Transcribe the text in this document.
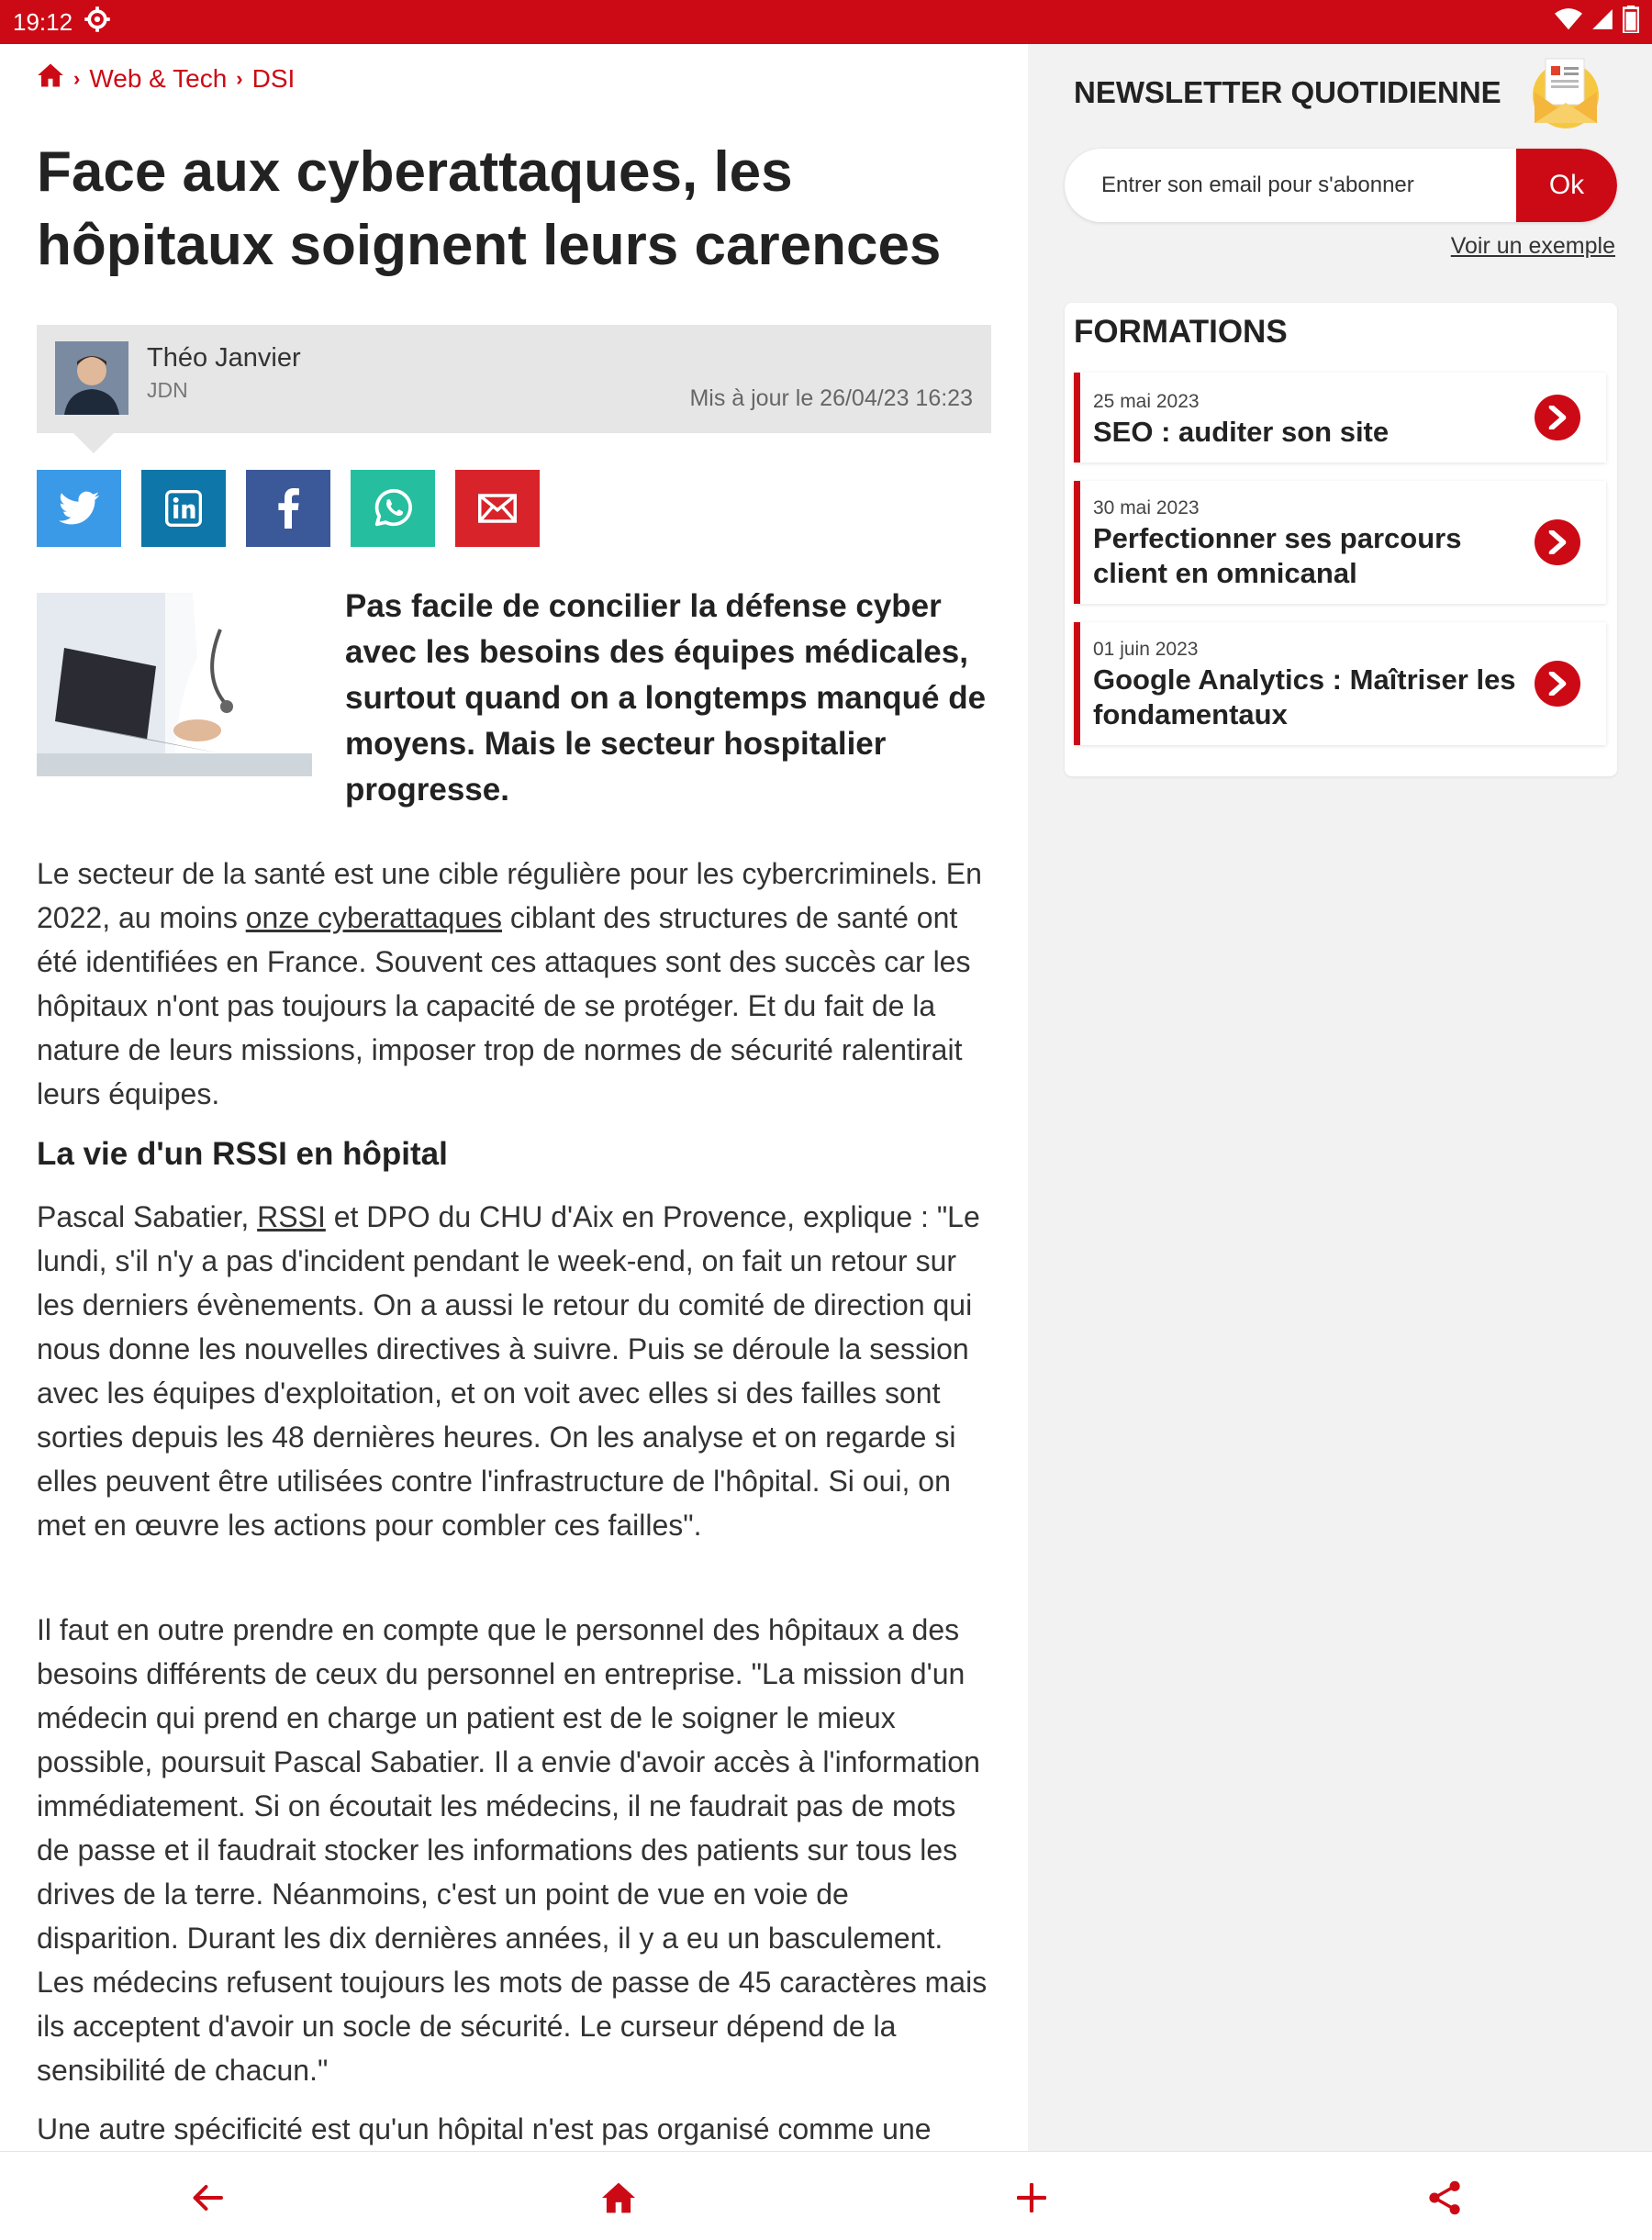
19:12
› Web & Tech › DSI
Face aux cyberattaques, les hôpitaux soignent leurs carences
Théo Janvier
JDN	Mis à jour le 26/04/23 16:23

Pas facile de concilier la défense cyber avec les besoins des équipes médicales, surtout quand on a longtemps manqué de moyens. Mais le secteur hospitalier progresse.

Le secteur de la santé est une cible régulière pour les cybercriminels. En 2022, au moins onze cyberattaques ciblant des structures de santé ont été identifiées en France. Souvent ces attaques sont des succès car les hôpitaux n'ont pas toujours la capacité de se protéger. Et du fait de la nature de leurs missions, imposer trop de normes de sécurité ralentirait leurs équipes.

La vie d'un RSSI en hôpital

Pascal Sabatier, RSSI et DPO du CHU d'Aix en Provence, explique : "Le lundi, s'il n'y a pas d'incident pendant le week-end, on fait un retour sur les derniers évènements. On a aussi le retour du comité de direction qui nous donne les nouvelles directives à suivre. Puis se déroule la session avec les équipes d'exploitation, et on voit avec elles si des failles sont sorties depuis les 48 dernières heures. On les analyse et on regarde si elles peuvent être utilisées contre l'infrastructure de l'hôpital. Si oui, on met en œuvre les actions pour combler ces failles".

Il faut en outre prendre en compte que le personnel des hôpitaux a des besoins différents de ceux du personnel en entreprise. "La mission d'un médecin qui prend en charge un patient est de le soigner le mieux possible, poursuit Pascal Sabatier. Il a envie d'avoir accès à l'information immédiatement. Si on écoutait les médecins, il ne faudrait pas de mots de passe et il faudrait stocker les informations des patients sur tous les drives de la terre. Néanmoins, c'est un point de vue en voie de disparition. Durant les dix dernières années, il y a eu un basculement. Les médecins refusent toujours les mots de passe de 45 caractères mais ils acceptent d'avoir un socle de sécurité. Le curseur dépend de la sensibilité de chacun."

Une autre spécificité est qu'un hôpital n'est pas organisé comme une

NEWSLETTER QUOTIDIENNE
Entrer son email pour s'abonner
Ok
Voir un exemple
FORMATIONS
25 mai 2023
SEO : auditer son site
30 mai 2023
Perfectionner ses parcours client en omnicanal
01 juin 2023
Google Analytics : Maîtriser les fondamentaux
